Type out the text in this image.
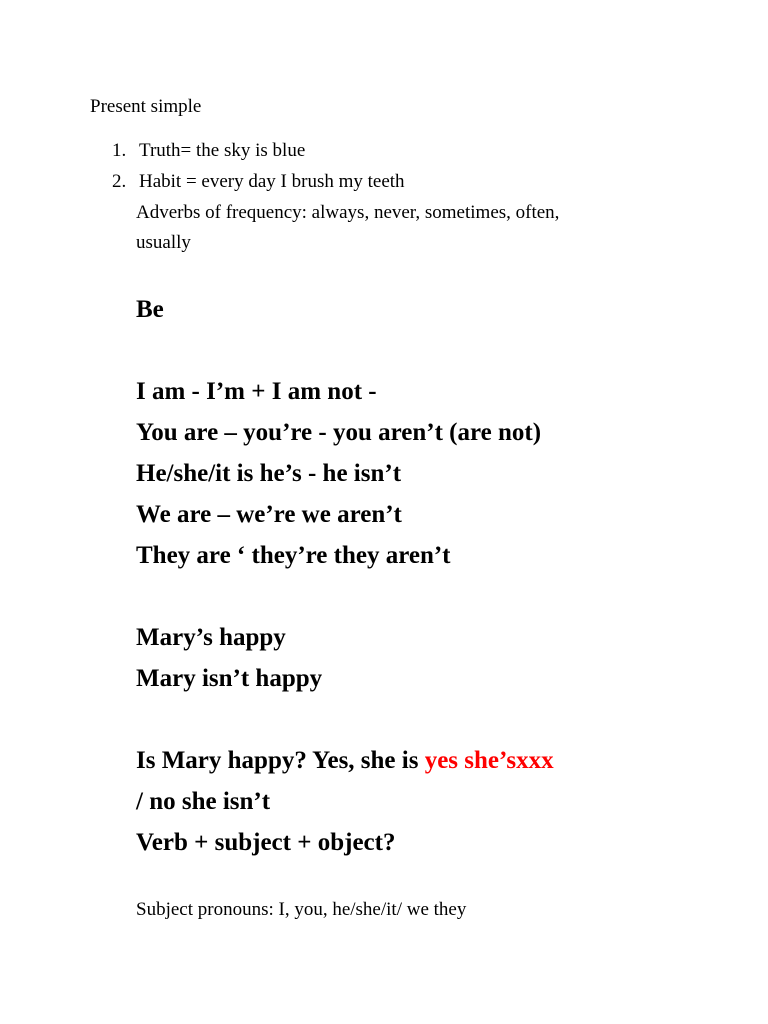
Present simple
1. Truth= the sky is blue
2. Habit = every day I brush my teeth
Adverbs of frequency: always, never, sometimes, often,
usually
Be
I am - I’m + I am not -
You are – you’re - you aren’t (are not)
He/she/it is he’s - he isn’t
We are – we’re we aren’t
They are ‘ they’re they aren’t
Mary’s happy
Mary isn’t happy
Is Mary happy? Yes, she is yes she’sxxx
/ no she isn’t
Verb + subject + object?
Subject pronouns: I, you, he/she/it/ we they
